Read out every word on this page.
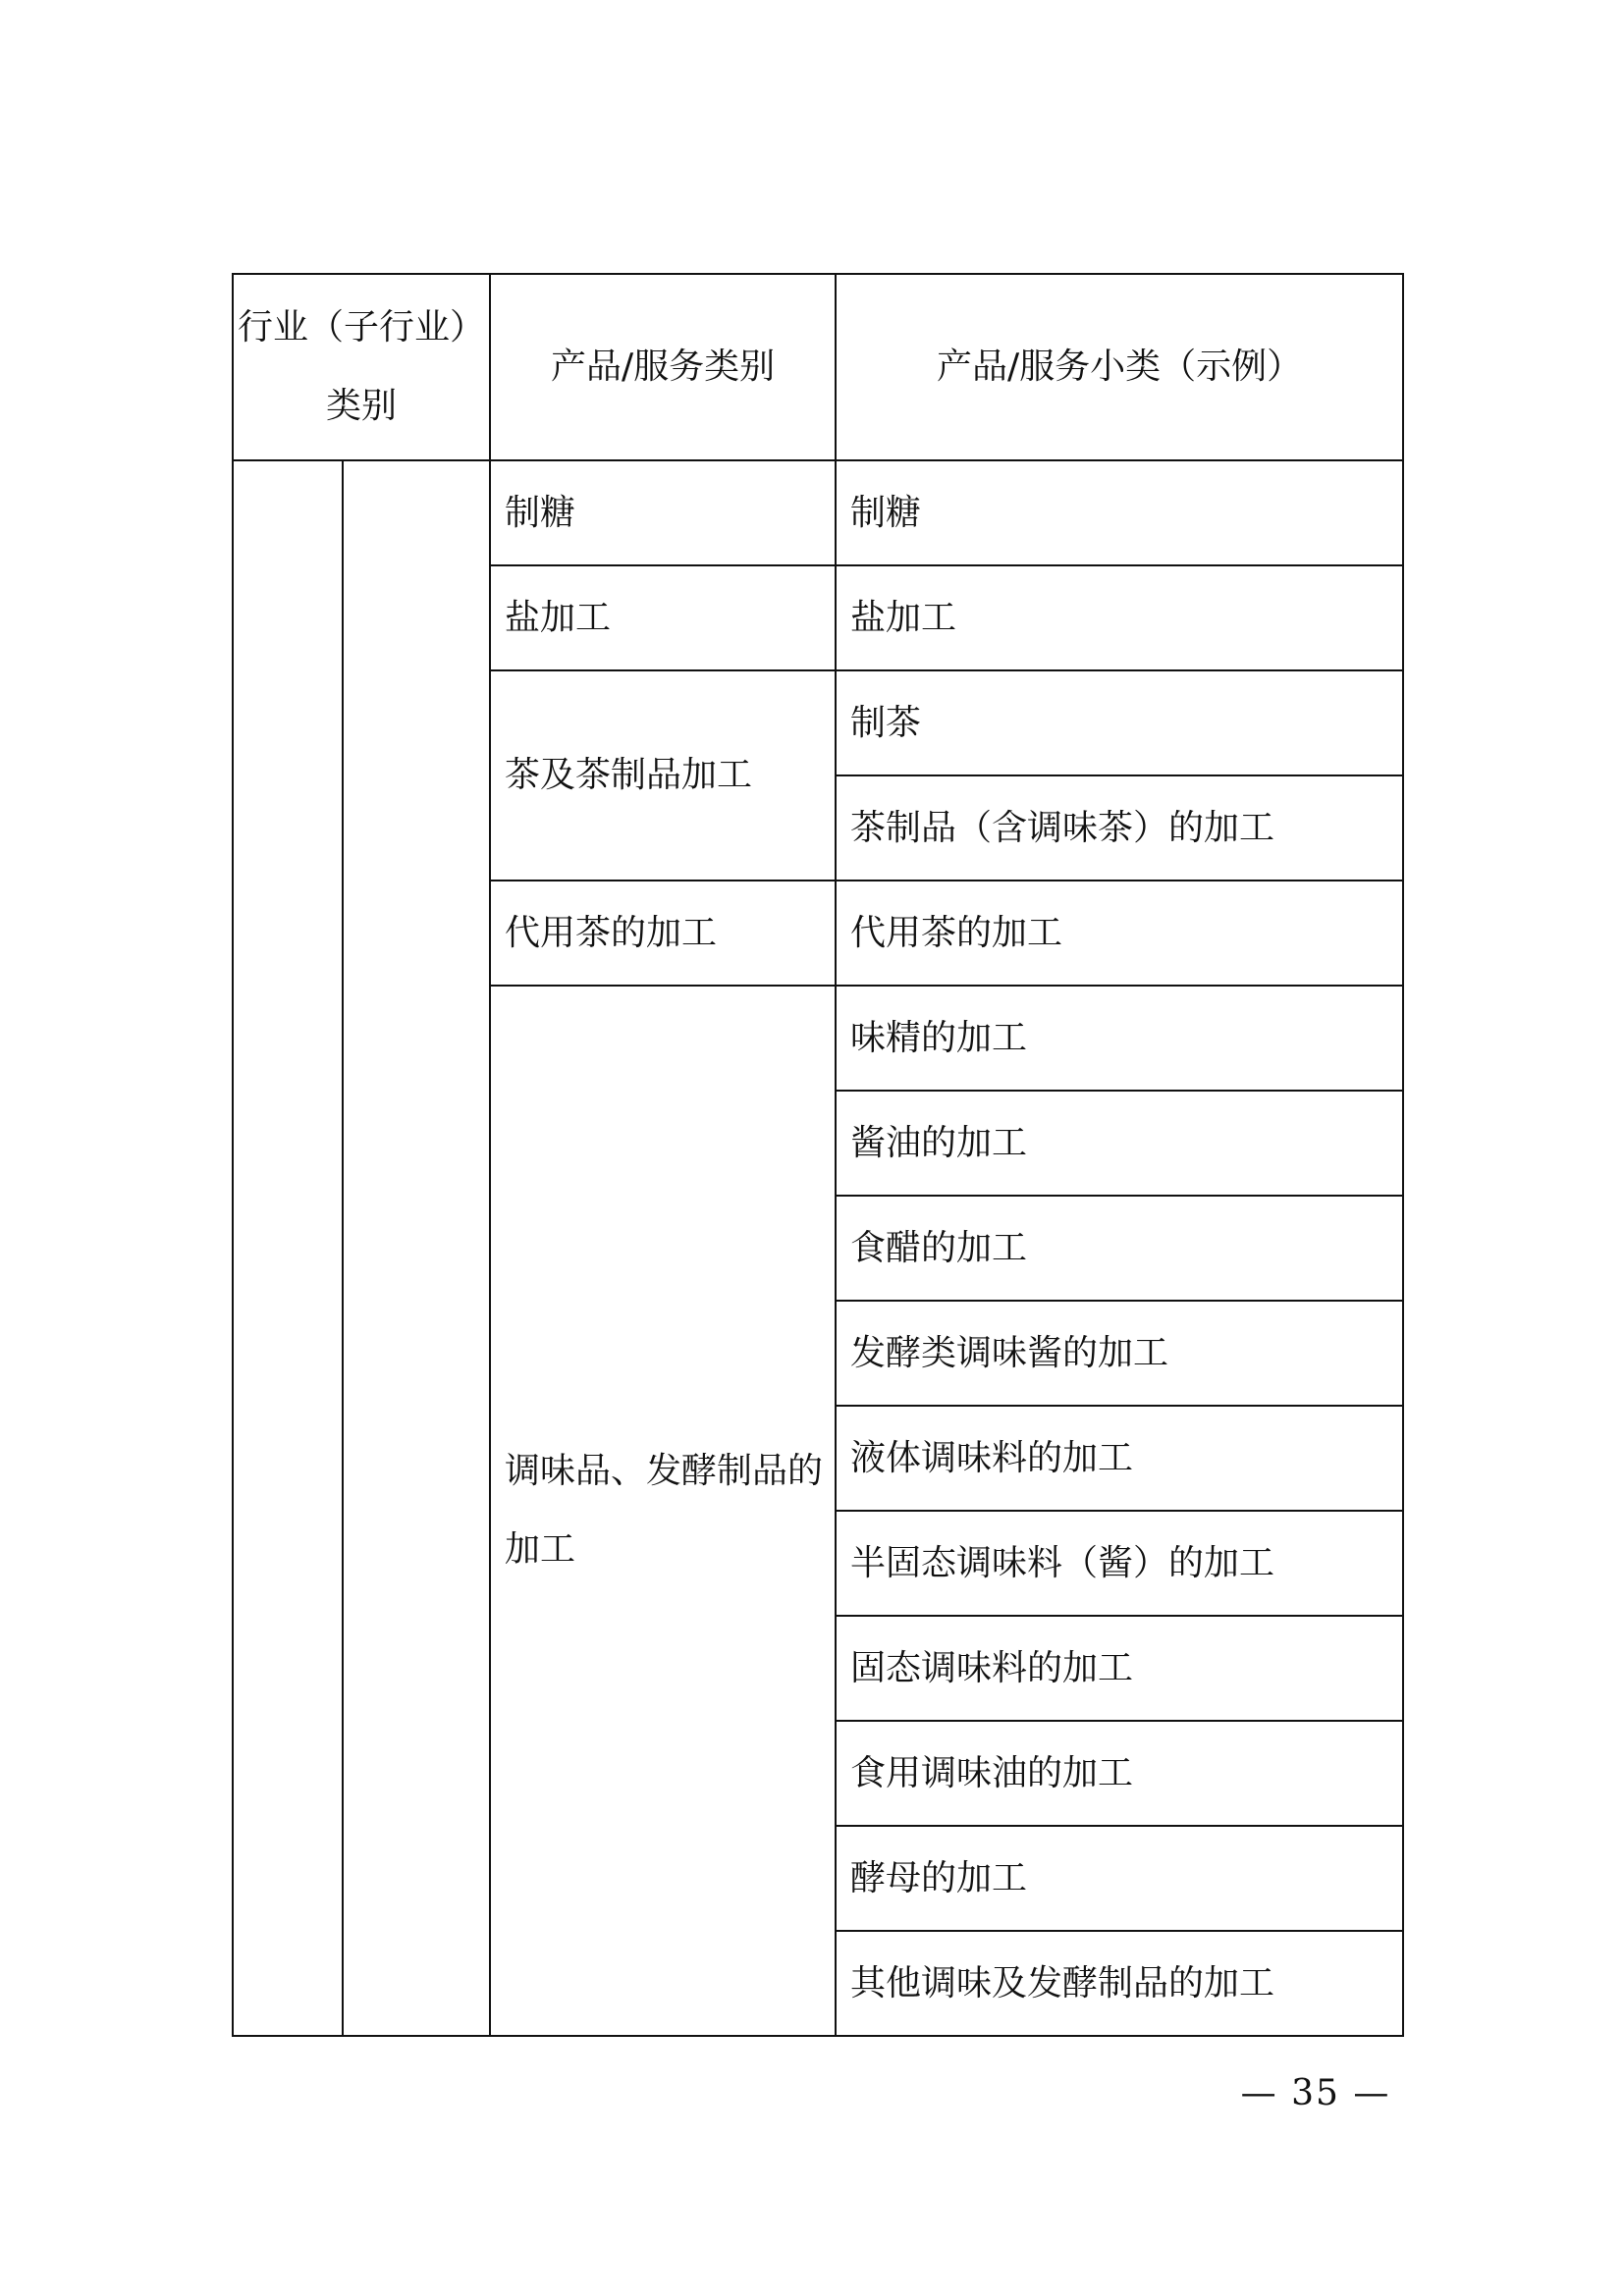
行业（子行业）类别		产品/服务类别	产品/服务小类（示例）
		制糖	制糖
		盐加工	盐加工
		茶及茶制品加工	制茶
			茶制品（含调味茶）的加工
		代用茶的加工	代用茶的加工
		调味品、发酵制品的加工	味精的加工
			酱油的加工
			食醋的加工
			发酵类调味酱的加工
			液体调味料的加工
			半固态调味料（酱）的加工
			固态调味料的加工
			食用调味油的加工
			酵母的加工
			其他调味及发酵制品的加工
— 35 —
